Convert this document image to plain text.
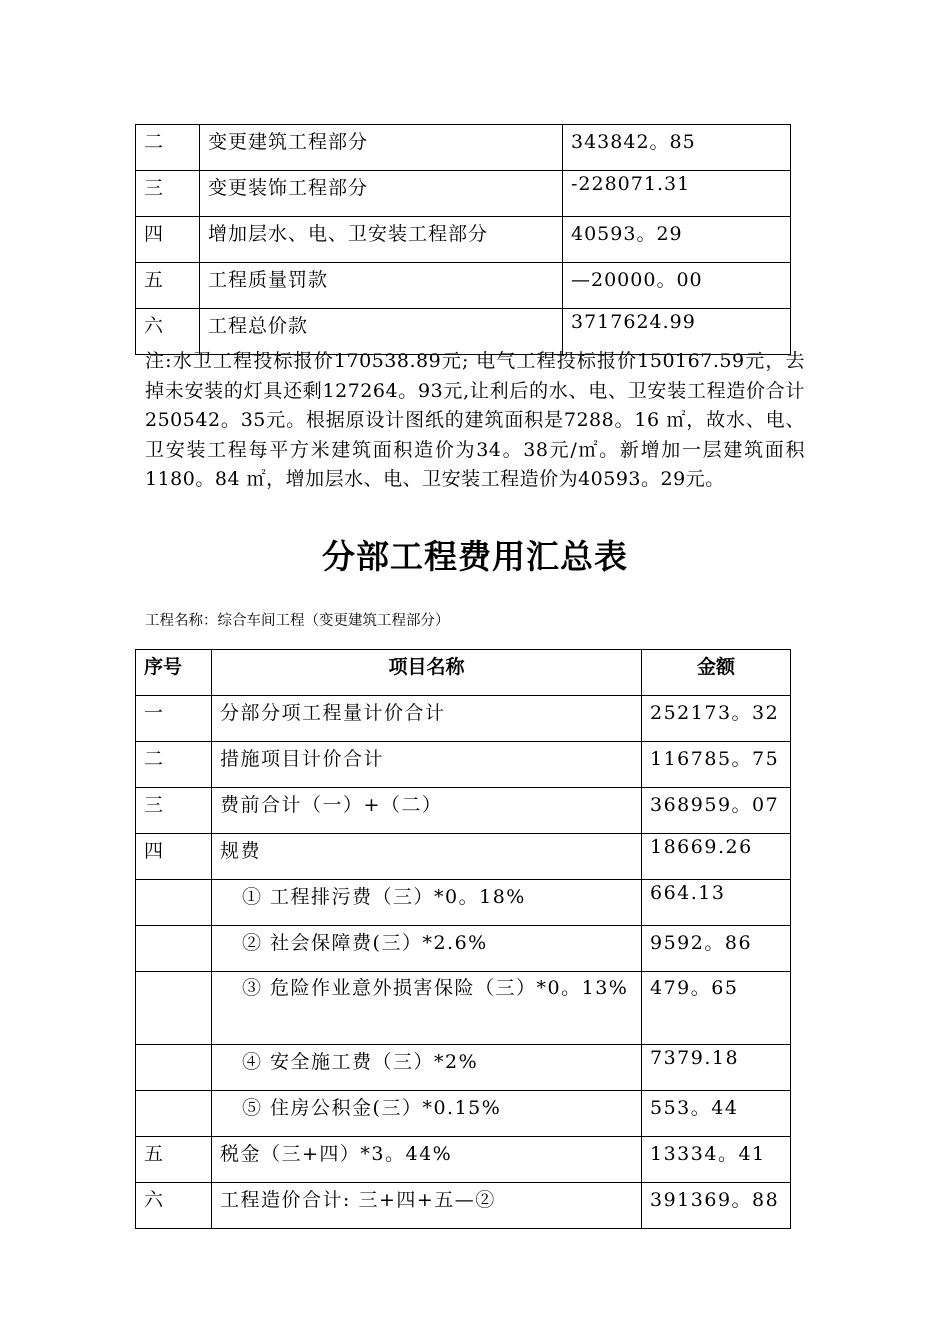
二	变更建筑工程部分	343842。85
三	变更装饰工程部分	-228071.31
四	增加层水、电、卫安装工程部分	40593。29
五	工程质量罚款	—20000。00
六	工程总价款	3717624.99

注:水卫工程投标报价170538.89元; 电气工程投标报价150167.59元，去掉未安装的灯具还剩127264。93元,让利后的水、电、卫安装工程造价合计250542。35元。根据原设计图纸的建筑面积是7288。16 ㎡，故水、电、卫安装工程每平方米建筑面积造价为34。38元/㎡。新增加一层建筑面积1180。84 ㎡，增加层水、电、卫安装工程造价为40593。29元。

分部工程费用汇总表

工程名称：综合车间工程（变更建筑工程部分）

序号	项目名称	金额
一	分部分项工程量计价合计	252173。32
二	措施项目计价合计	116785。75
三	费前合计（一）+（二）	368959。07
四	规费	18669.26
	① 工程排污费（三）*0。18%	664.13
	② 社会保障费(三）*2.6%	9592。86
	③ 危险作业意外损害保险（三）*0。13%	479。65
	④ 安全施工费（三）*2%	7379.18
	⑤ 住房公积金(三）*0.15%	553。44
五	税金（三+四）*3。44%	13334。41
六	工程造价合计: 三+四+五—②	391369。88
